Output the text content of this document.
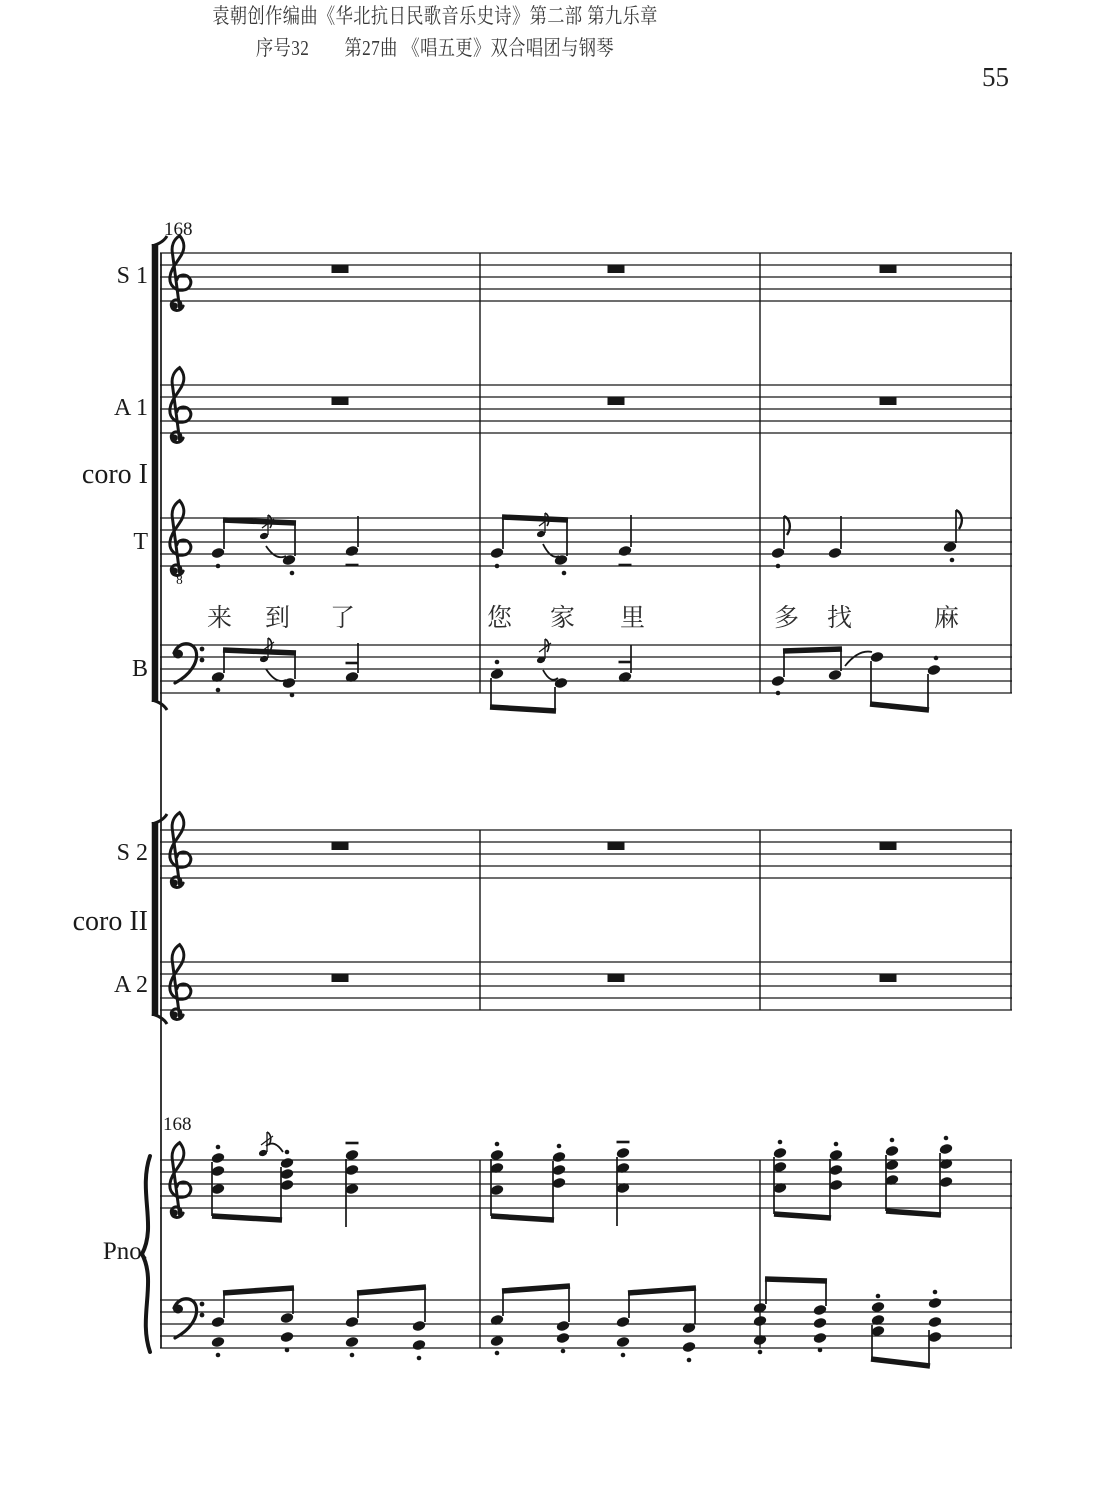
袁朝创作编曲《华北抗日民歌音乐史诗》第二部 第九乐章
序号32　　第27曲 《唱五更》双合唱团与钢琴
55
168
168
S 1
A 1
coro I
T
B
S 2
coro II
A 2
Pno.
来 到 了	您 家 里	多 找	麻
8
